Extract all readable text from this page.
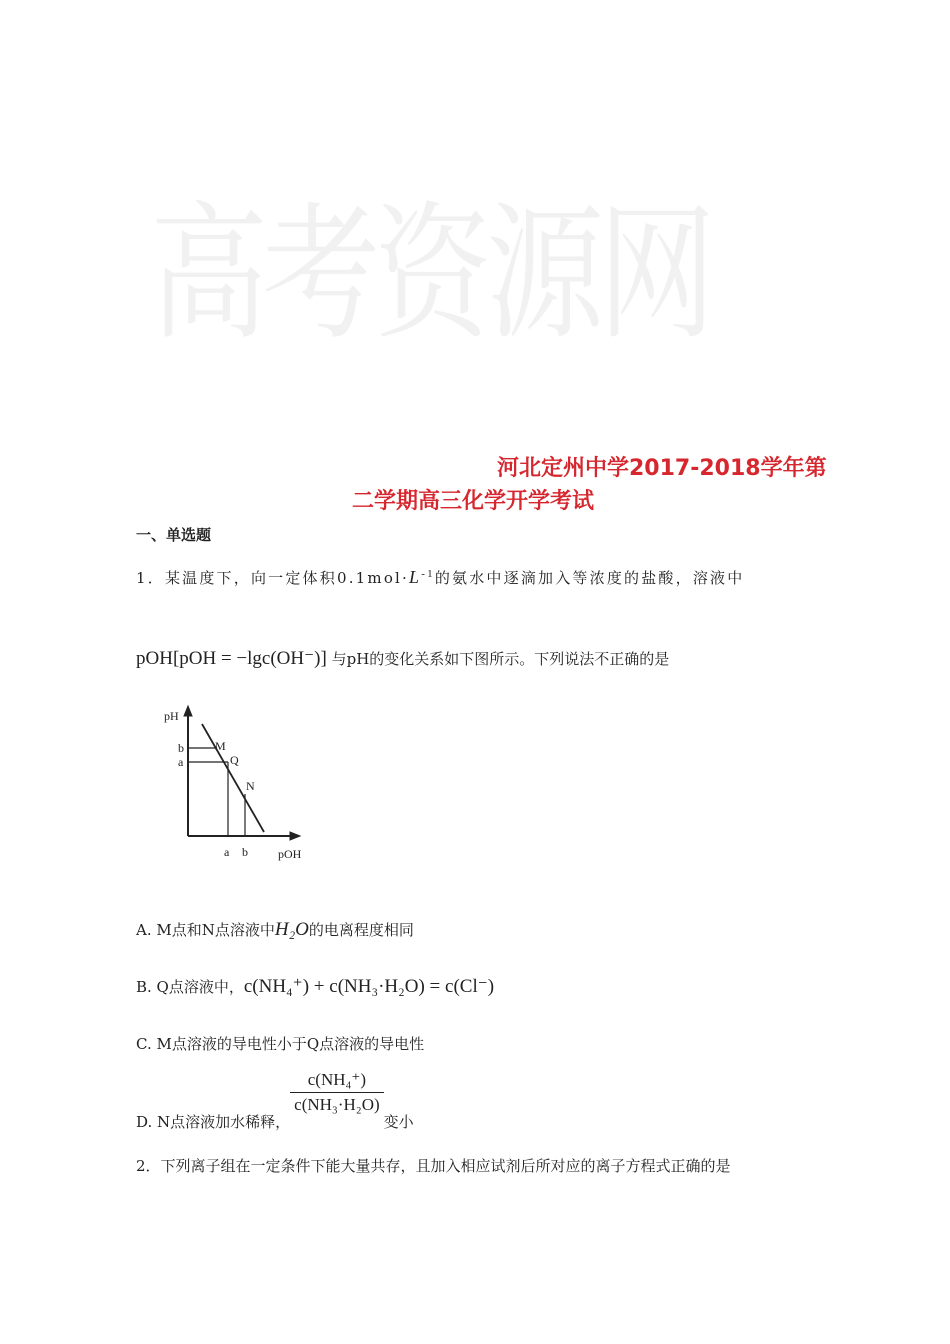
高考资源网
河北定州中学2017-2018学年第
二学期高三化学开学考试
一、单选题
1．某温度下，向一定体积$0.1mol\cdot L^{-1}$的氨水中逐滴加入等浓度的盐酸，溶液中
pOH[pOH = −lgc(OH⁻)] 与pH的变化关系如下图所示。下列说法不正确的是
pH
b
a
M
Q
N
a b	pOH
A. M点和N点溶液中H₂O的电离程度相同
B. Q点溶液中，c(NH₄⁺) + c(NH₃·H₂O) = c(Cl⁻)
C. M点溶液的导电性小于Q点溶液的导电性
D. N点溶液加水稀释，
$\frac{\text{c(NH₄⁺)}}{\text{c(NH₃·H₂O)}}$
变小
2．下列离子组在一定条件下能大量共存，且加入相应试剂后所对应的离子方程式正确的是
